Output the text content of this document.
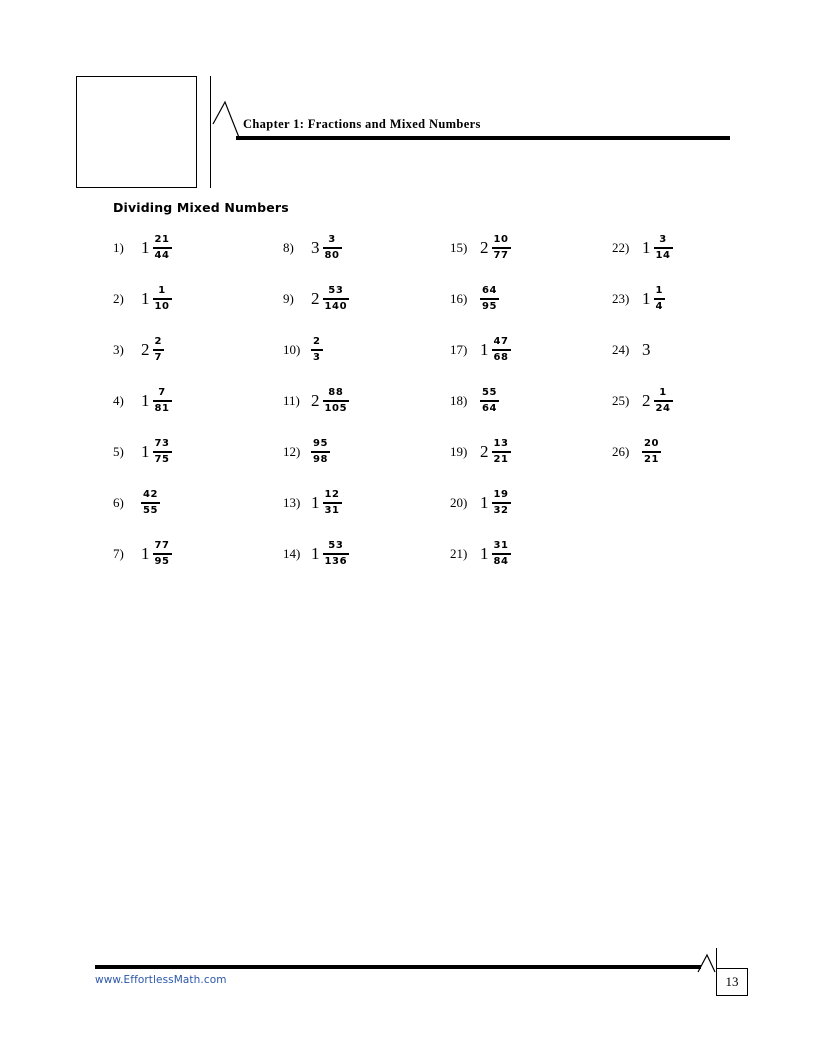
Chapter 1: Fractions and Mixed Numbers
Dividing Mixed Numbers
1)	$1 \frac{21}{44}$
2)	$1 \frac{1}{10}$
3)	$2 \frac{2}{7}$
4)	$1 \frac{7}{81}$
5)	$1 \frac{73}{75}$
6)	$\frac{42}{55}$
7)	$1 \frac{77}{95}$
8)	$3 \frac{3}{80}$
9)	$2 \frac{53}{140}$
10)	$\frac{2}{3}$
11) $2 \frac{88}{105}$
12)	$\frac{95}{98}$
13) $1 \frac{12}{31}$
14) $1 \frac{53}{136}$
15) $2 \frac{10}{77}$
16)	$\frac{64}{95}$
17) $1 \frac{47}{68}$
18)	$\frac{55}{64}$
19) $2 \frac{13}{21}$
20) $1 \frac{19}{32}$
21) $1 \frac{31}{84}$
22) $1 \frac{3}{14}$
23) $1 \frac{1}{4}$
24) 3
25) $2 \frac{1}{24}$
26)	$\frac{20}{21}$
www.EffortlessMath.com	13
